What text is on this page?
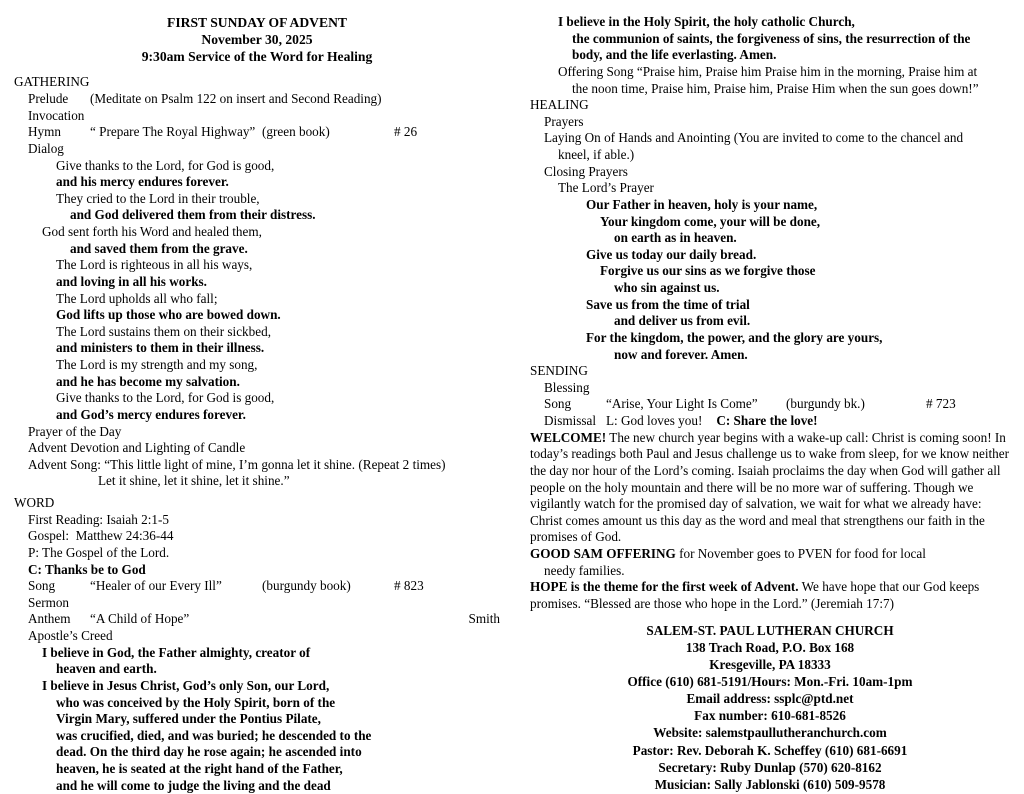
FIRST SUNDAY OF ADVENT
November 30, 2025
9:30am Service of the Word for Healing
GATHERING
Prelude	(Meditate on Psalm 122 on insert and Second Reading)
Invocation
Hymn	“ Prepare The Royal Highway” (green book)	# 26
Dialog
Give thanks to the Lord, for God is good,
and his mercy endures forever.
They cried to the Lord in their trouble,
and God delivered them from their distress.
God sent forth his Word and healed them,
and saved them from the grave.
The Lord is righteous in all his ways,
and loving in all his works.
The Lord upholds all who fall;
God lifts up those who are bowed down.
The Lord sustains them on their sickbed,
and ministers to them in their illness.
The Lord is my strength and my song,
and he has become my salvation.
Give thanks to the Lord, for God is good,
and God’s mercy endures forever.
Prayer of the Day
Advent Devotion and Lighting of Candle
Advent Song: “This little light of mine, I’m gonna let it shine. (Repeat 2 times)
Let it shine, let it shine, let it shine.”
WORD
First Reading: Isaiah 2:1-5
Gospel:  Matthew 24:36-44
P: The Gospel of the Lord.
C: Thanks be to God
Song	“Healer of our Every Ill”	(burgundy book)	# 823
Sermon
Anthem	“A Child of Hope”	Smith
Apostle’s Creed
I believe in God, the Father almighty, creator of
heaven and earth.
I believe in Jesus Christ, God’s only Son, our Lord,
who was conceived by the Holy Spirit, born of the
Virgin Mary, suffered under the Pontius Pilate,
was crucified, died, and was buried; he descended to the
dead. On the third day he rose again; he ascended into
heaven, he is seated at the right hand of the Father,
and he will come to judge the living and the dead
I believe in the Holy Spirit, the holy catholic Church,
the communion of saints, the forgiveness of sins, the resurrection of the
body, and the life everlasting. Amen.
Offering Song “Praise him, Praise him Praise him in the morning, Praise him at
the noon time, Praise him, Praise him, Praise Him when the sun goes down!”
HEALING
Prayers
Laying On of Hands and Anointing (You are invited to come to the chancel and
kneel, if able.)
Closing Prayers
The Lord’s Prayer
Our Father in heaven, holy is your name,
Your kingdom come, your will be done,
on earth as in heaven.
Give us today our daily bread.
Forgive us our sins as we forgive those
who sin against us.
Save us from the time of trial
and deliver us from evil.
For the kingdom, the power, and the glory are yours,
now and forever. Amen.
SENDING
Blessing
Song	“Arise, Your Light Is Come”	(burgundy bk.)	# 723
Dismissal L: God loves you! C: Share the love!
WELCOME! The new church year begins with a wake-up call: Christ is coming soon! In today’s readings both Paul and Jesus challenge us to wake from sleep, for we know neither the day nor hour of the Lord’s coming. Isaiah proclaims the day when God will gather all people on the holy mountain and there will be no more war of suffering. Though we vigilantly watch for the promised day of salvation, we wait for what we already have: Christ comes amount us this day as the word and meal that strengthens our faith in the promises of God.
GOOD SAM OFFERING for November goes to PVEN for food for local
needy families.
HOPE is the theme for the first week of Advent. We have hope that our God keeps promises. “Blessed are those who hope in the Lord.” (Jeremiah 17:7)
SALEM-ST. PAUL LUTHERAN CHURCH
138 Trach Road, P.O. Box 168
Kresgeville, PA 18333
Office (610) 681-5191/Hours: Mon.-Fri. 10am-1pm
Email address: ssplc@ptd.net
Fax number: 610-681-8526
Website: salemstpaullutheranchurch.com
Pastor: Rev. Deborah K. Scheffey (610) 681-6691
Secretary: Ruby Dunlap (570) 620-8162
Musician: Sally Jablonski (610) 509-9578
